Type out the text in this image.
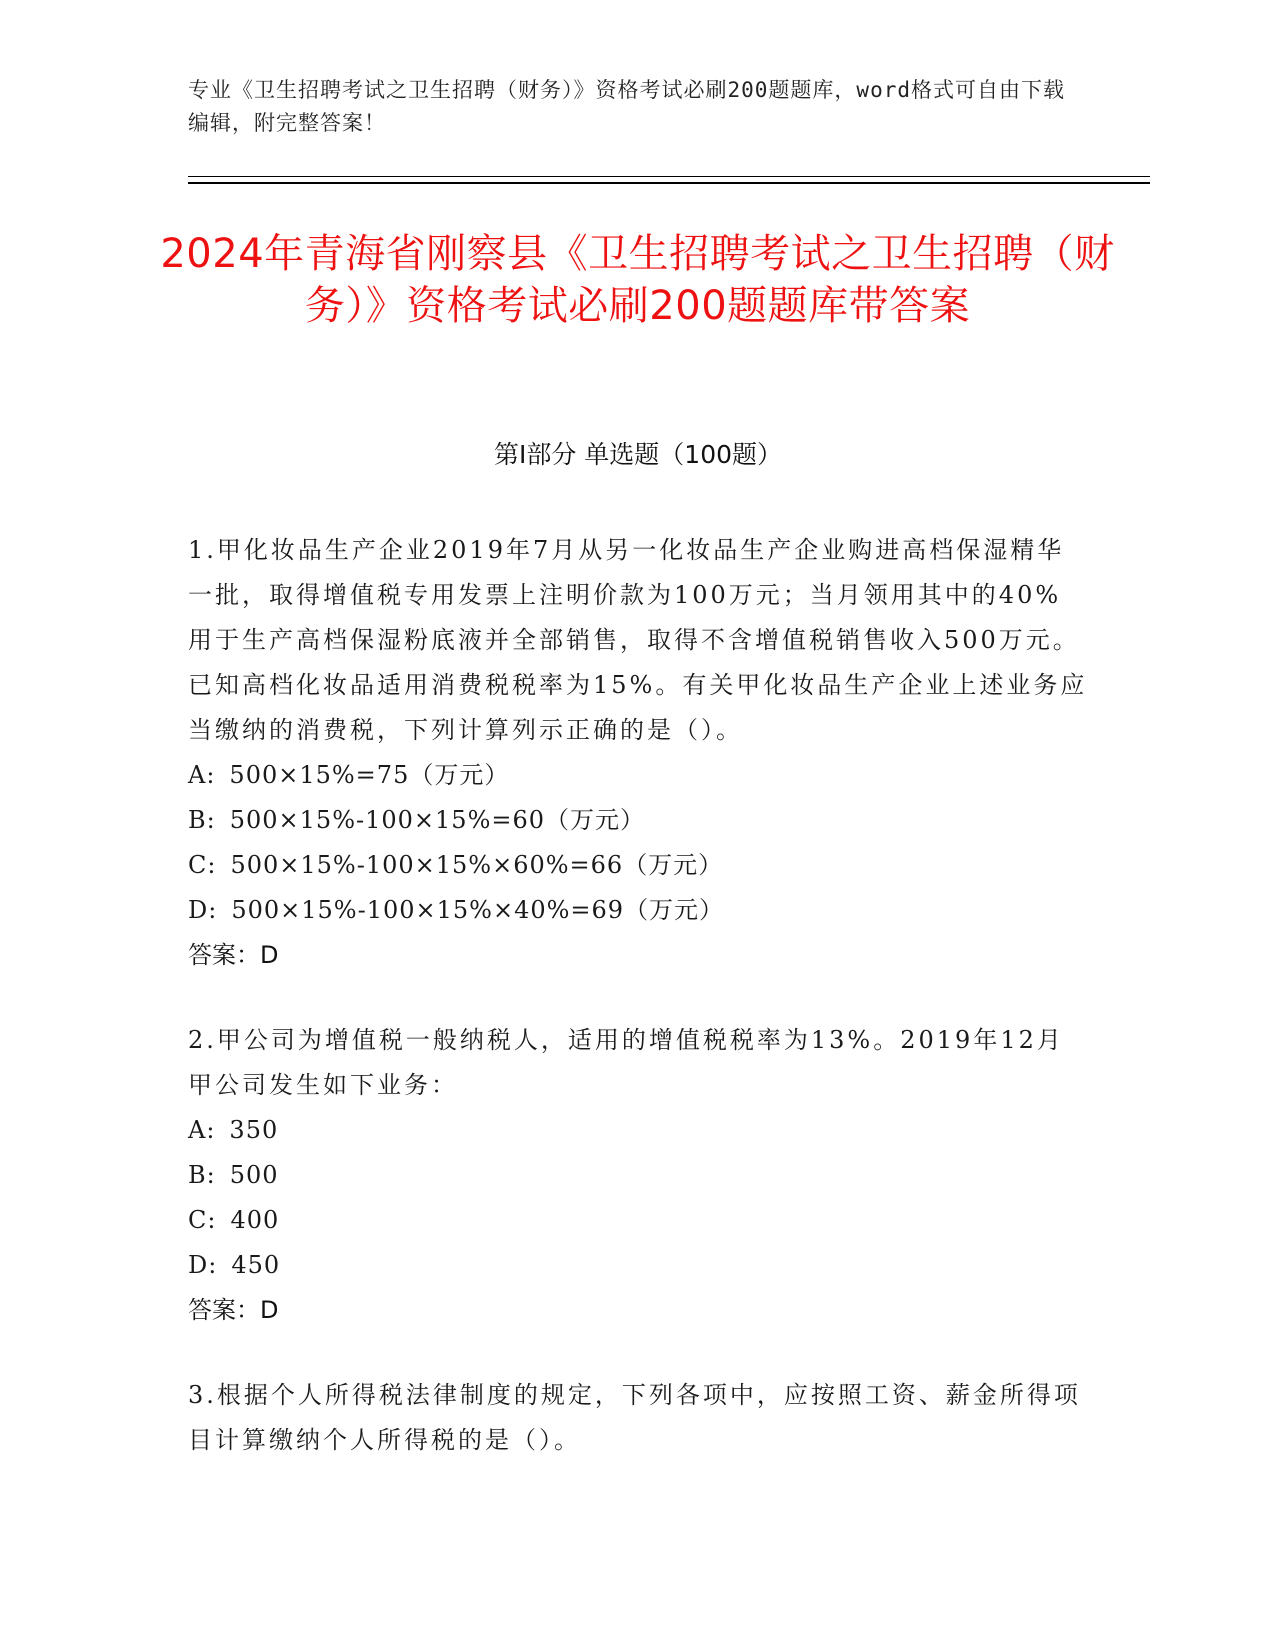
专业《卫生招聘考试之卫生招聘（财务）》资格考试必刷200题题库，word格式可自由下载编辑，附完整答案！
2024年青海省刚察县《卫生招聘考试之卫生招聘（财务）》资格考试必刷200题题库带答案
第Ⅰ部分 单选题（100题）

1.甲化妆品生产企业2019年7月从另一化妆品生产企业购进高档保湿精华一批，取得增值税专用发票上注明价款为100万元；当月领用其中的40%用于生产高档保湿粉底液并全部销售，取得不含增值税销售收入500万元。已知高档化妆品适用消费税税率为15%。有关甲化妆品生产企业上述业务应当缴纳的消费税，下列计算列示正确的是（）。

A: 500×15%=75（万元）
B: 500×15%-100×15%=60（万元）
C: 500×15%-100×15%×60%=66（万元）
D: 500×15%-100×15%×40%=69（万元）
答案：D

2.甲公司为增值税一般纳税人，适用的增值税税率为13%。2019年12月甲公司发生如下业务：

A: 350
B: 500
C: 400
D: 450
答案：D

3.根据个人所得税法律制度的规定，下列各项中，应按照工资、薪金所得项目计算缴纳个人所得税的是（）。
